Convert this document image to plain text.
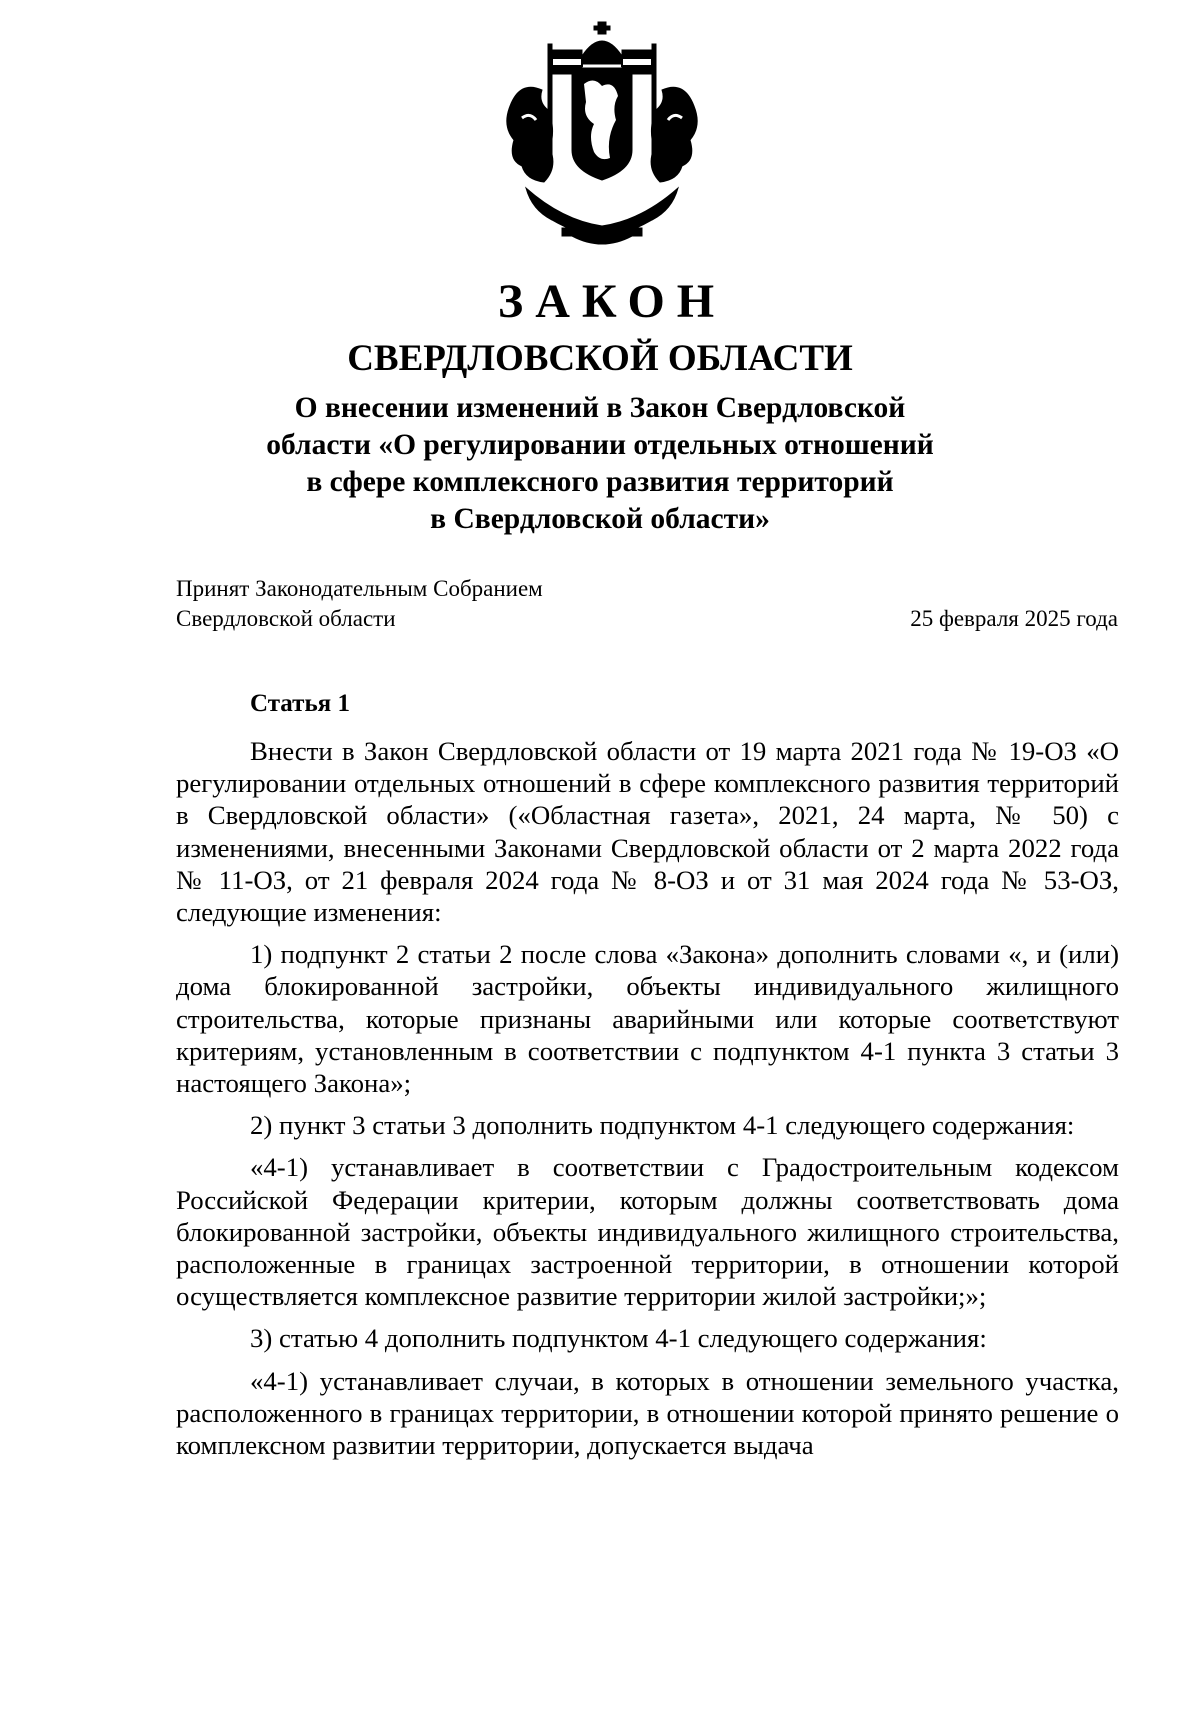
ЗАКОН
СВЕРДЛОВСКОЙ ОБЛАСТИ
О внесении изменений в Закон Свердловской
области «О регулировании отдельных отношений
в сфере комплексного развития территорий
в Свердловской области»
Принят Законодательным Собранием
Свердловской области	25 февраля 2025 года
Статья 1

Внести в Закон Свердловской области от 19 марта 2021 года № 19-ОЗ «О регулировании отдельных отношений в сфере комплексного развития территорий в Свердловской области» («Областная газета», 2021, 24 марта, № 50) с изменениями, внесенными Законами Свердловской области от 2 марта 2022 года № 11-ОЗ, от 21 февраля 2024 года № 8-ОЗ и от 31 мая 2024 года № 53-ОЗ, следующие изменения:

1) подпункт 2 статьи 2 после слова «Закона» дополнить словами «, и (или) дома блокированной застройки, объекты индивидуального жилищного строительства, которые признаны аварийными или которые соответствуют критериям, установленным в соответствии с подпунктом 4-1 пункта 3 статьи 3 настоящего Закона»;

2) пункт 3 статьи 3 дополнить подпунктом 4-1 следующего содержания:

«4-1) устанавливает в соответствии с Градостроительным кодексом Российской Федерации критерии, которым должны соответствовать дома блокированной застройки, объекты индивидуального жилищного строительства, расположенные в границах застроенной территории, в отношении которой осуществляется комплексное развитие территории жилой застройки;»;

3) статью 4 дополнить подпунктом 4-1 следующего содержания:

«4-1) устанавливает случаи, в которых в отношении земельного участка, расположенного в границах территории, в отношении которой принято решение о комплексном развитии территории, допускается выдача
